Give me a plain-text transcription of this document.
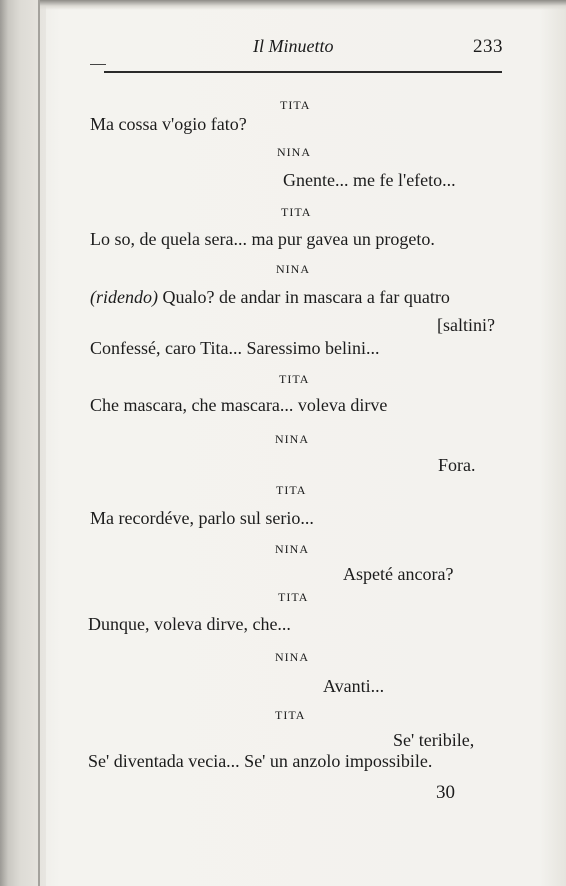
Il Minuetto	233
TITA
Ma cossa v'ogio fato?
NINA
Gnente... me fe l'efeto...
TITA
Lo so, de quela sera... ma pur gavea un progeto.
NINA
(ridendo) Qualo? de andar in mascara a far quatro
[saltini?
Confessé, caro Tita... Saressimo belini...
TITA
Che mascara, che mascara... voleva dirve
NINA
Fora.
TITA
Ma recordéve, parlo sul serio...
NINA
Aspeté ancora?
TITA
Dunque, voleva dirve, che...
NINA
Avanti...
TITA
Se' teribile,
Se' diventada vecia... Se' un anzolo impossibile.
30
